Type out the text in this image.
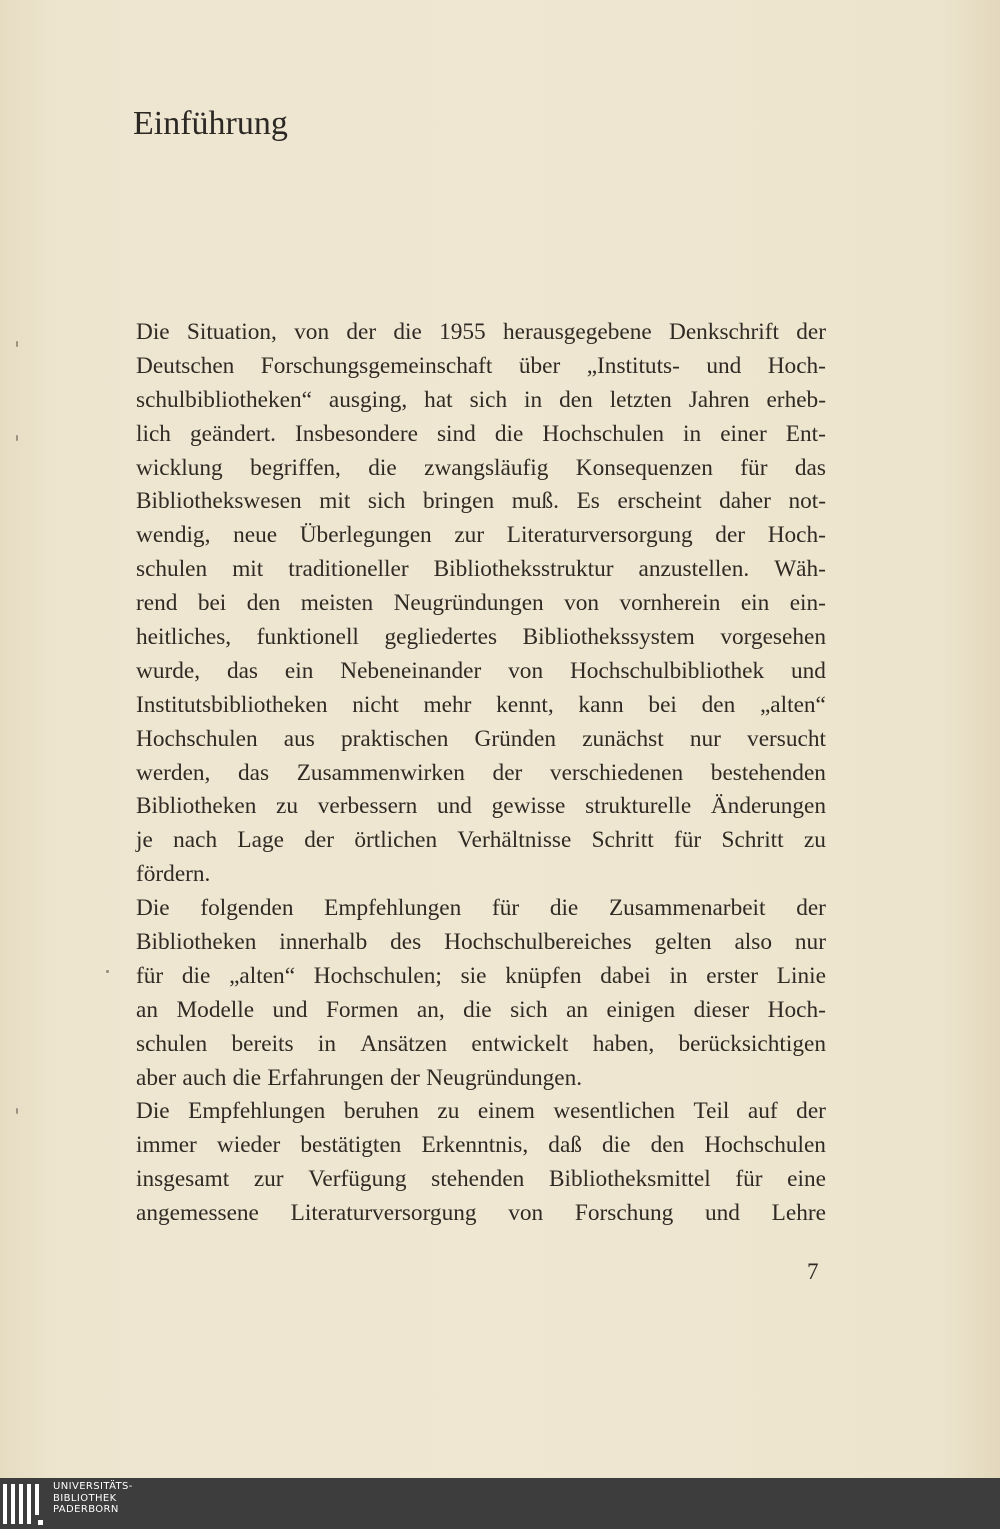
Einführung
Die Situation, von der die 1955 herausgegebene Denkschrift der
Deutschen Forschungsgemeinschaft über „Instituts- und Hoch-
schulbibliotheken“ ausging, hat sich in den letzten Jahren erheb-
lich geändert. Insbesondere sind die Hochschulen in einer Ent-
wicklung begriffen, die zwangsläufig Konsequenzen für das
Bibliothekswesen mit sich bringen muß. Es erscheint daher not-
wendig, neue Überlegungen zur Literaturversorgung der Hoch-
schulen mit traditioneller Bibliotheksstruktur anzustellen. Wäh-
rend bei den meisten Neugründungen von vornherein ein ein-
heitliches, funktionell gegliedertes Bibliothekssystem vorgesehen
wurde, das ein Nebeneinander von Hochschulbibliothek und
Institutsbibliotheken nicht mehr kennt, kann bei den „alten“
Hochschulen aus praktischen Gründen zunächst nur versucht
werden, das Zusammenwirken der verschiedenen bestehenden
Bibliotheken zu verbessern und gewisse strukturelle Änderungen
je nach Lage der örtlichen Verhältnisse Schritt für Schritt zu
fördern.
Die folgenden Empfehlungen für die Zusammenarbeit der
Bibliotheken innerhalb des Hochschulbereiches gelten also nur
für die „alten“ Hochschulen; sie knüpfen dabei in erster Linie
an Modelle und Formen an, die sich an einigen dieser Hoch-
schulen bereits in Ansätzen entwickelt haben, berücksichtigen
aber auch die Erfahrungen der Neugründungen.
Die Empfehlungen beruhen zu einem wesentlichen Teil auf der
immer wieder bestätigten Erkenntnis, daß die den Hochschulen
insgesamt zur Verfügung stehenden Bibliotheksmittel für eine
angemessene Literaturversorgung von Forschung und Lehre
7
UNIVERSITÄTS-
BIBLIOTHEK
PADERBORN
